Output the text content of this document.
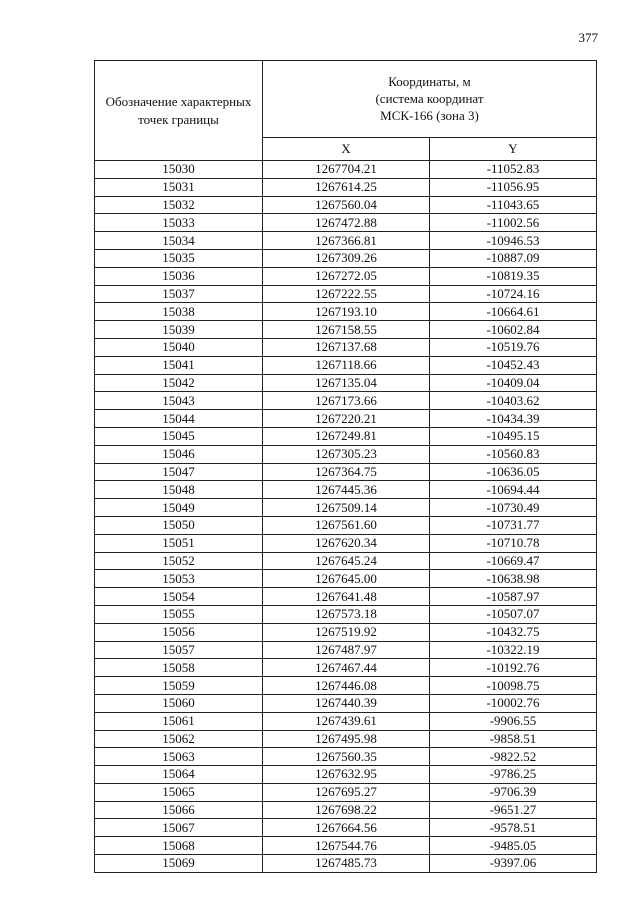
377
Обозначение характерных точек границы	Координаты, м
(система координат
МСК-166 (зона 3)	

	X	Y
15030	1267704.21	-11052.83
15031	1267614.25	-11056.95
15032	1267560.04	-11043.65
15033	1267472.88	-11002.56
15034	1267366.81	-10946.53
15035	1267309.26	-10887.09
15036	1267272.05	-10819.35
15037	1267222.55	-10724.16
15038	1267193.10	-10664.61
15039	1267158.55	-10602.84
15040	1267137.68	-10519.76
15041	1267118.66	-10452.43
15042	1267135.04	-10409.04
15043	1267173.66	-10403.62
15044	1267220.21	-10434.39
15045	1267249.81	-10495.15
15046	1267305.23	-10560.83
15047	1267364.75	-10636.05
15048	1267445.36	-10694.44
15049	1267509.14	-10730.49
15050	1267561.60	-10731.77
15051	1267620.34	-10710.78
15052	1267645.24	-10669.47
15053	1267645.00	-10638.98
15054	1267641.48	-10587.97
15055	1267573.18	-10507.07
15056	1267519.92	-10432.75
15057	1267487.97	-10322.19
15058	1267467.44	-10192.76
15059	1267446.08	-10098.75
15060	1267440.39	-10002.76
15061	1267439.61	-9906.55
15062	1267495.98	-9858.51
15063	1267560.35	-9822.52
15064	1267632.95	-9786.25
15065	1267695.27	-9706.39
15066	1267698.22	-9651.27
15067	1267664.56	-9578.51
15068	1267544.76	-9485.05
15069	1267485.73	-9397.06
